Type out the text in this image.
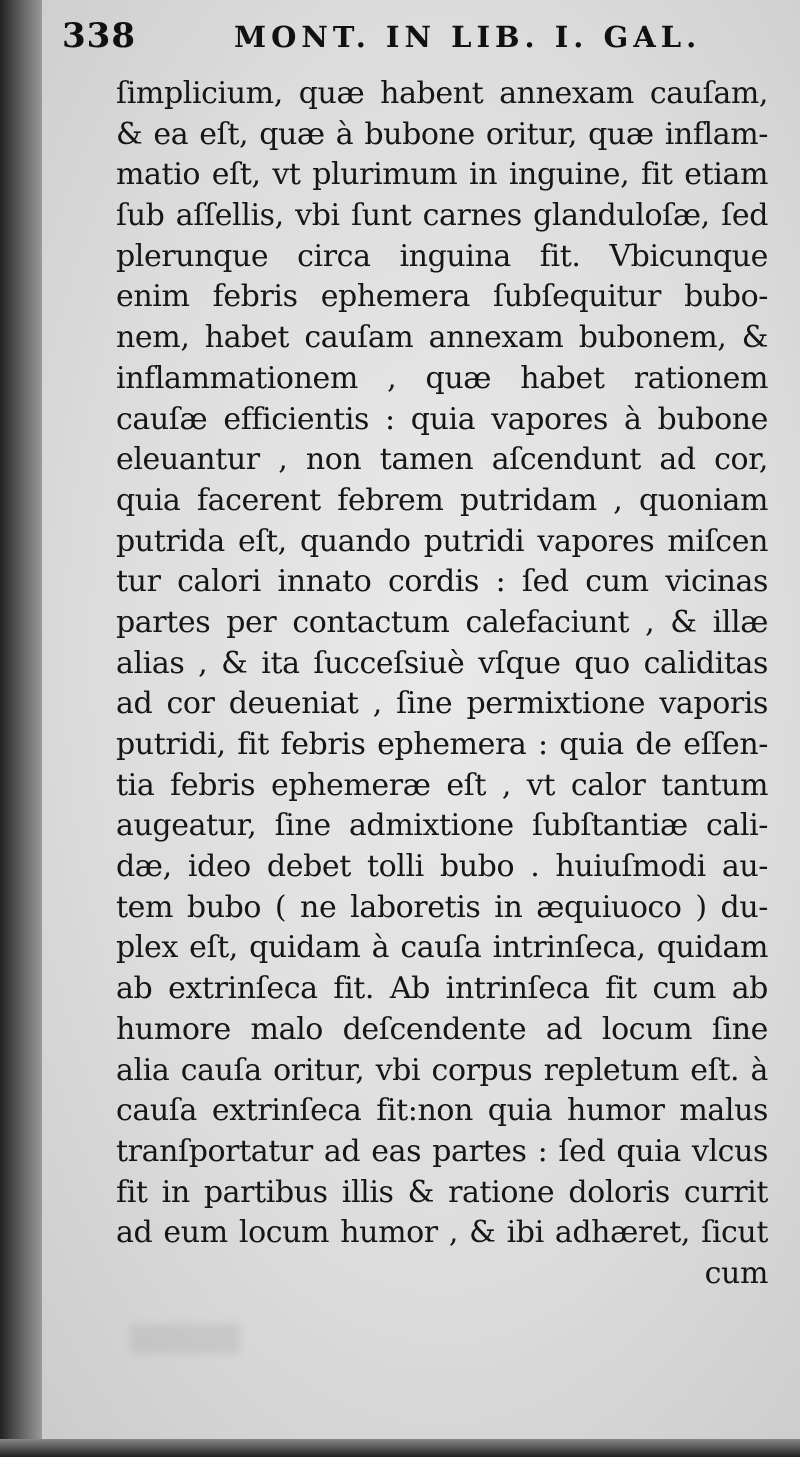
338	MONT. IN LIB. I. GAL.
ſimplicium, quæ habent annexam cauſam,
& ea eſt, quæ à bubone oritur, quæ inflam-
matio eſt, vt plurimum in inguine, fit etiam
ſub aſſellis, vbi ſunt carnes glanduloſæ, ſed
plerunque circa inguina fit. Vbicunque
enim febris ephemera ſubſequitur bubo-
nem, habet cauſam annexam bubonem, &
inflammationem , quæ habet rationem
cauſæ efficientis : quia vapores à bubone
eleuantur , non tamen aſcendunt ad cor,
quia facerent febrem putridam , quoniam
putrida eſt, quando putridi vapores miſcen
tur calori innato cordis : ſed cum vicinas
partes per contactum calefaciunt , & illæ
alias , & ita ſucceſsiuè vſque quo caliditas
ad cor deueniat , ſine permixtione vaporis
putridi, fit febris ephemera : quia de eſſen-
tia febris ephemeræ eſt , vt calor tantum
augeatur, ſine admixtione ſubſtantiæ cali-
dæ, ideo debet tolli bubo . huiuſmodi au-
tem bubo ( ne laboretis in æquiuoco ) du-
plex eſt, quidam à cauſa intrinſeca, quidam
ab extrinſeca fit. Ab intrinſeca fit cum ab
humore malo deſcendente ad locum ſine
alia cauſa oritur, vbi corpus repletum eſt. à
cauſa extrinſeca fit:non quia humor malus
tranſportatur ad eas partes : ſed quia vlcus
fit in partibus illis & ratione doloris currit
ad eum locum humor , & ibi adhæret, ſicut
cum
